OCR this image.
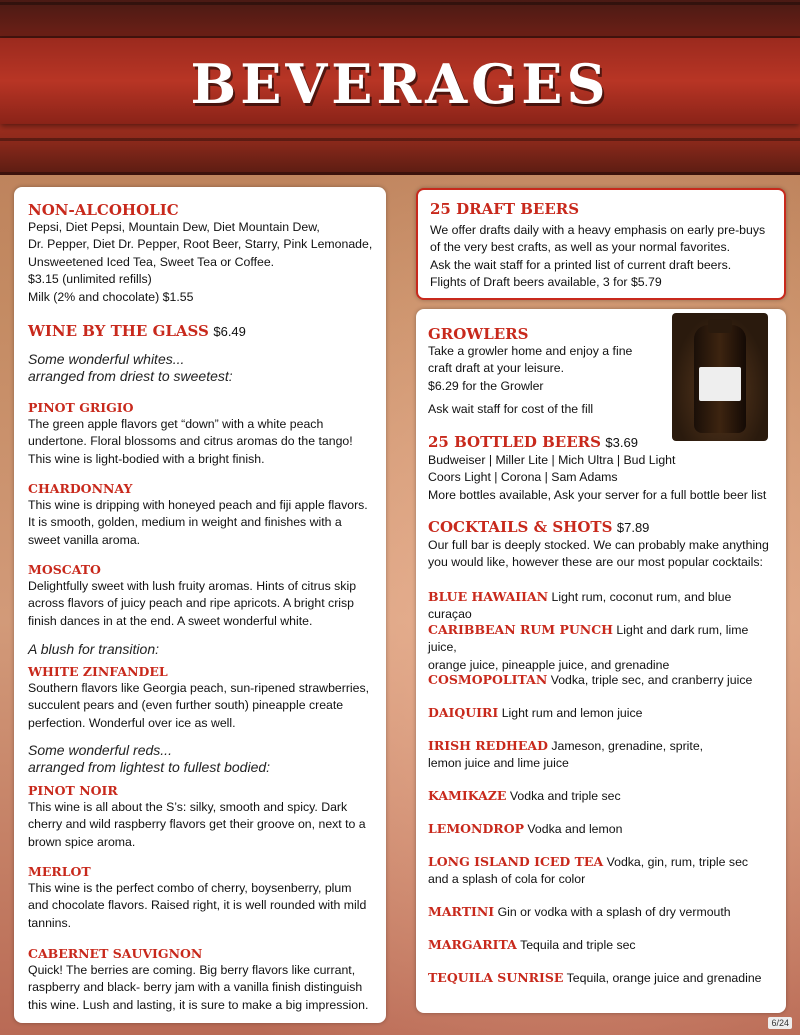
BEVERAGES
NON-ALCOHOLIC
Pepsi, Diet Pepsi, Mountain Dew, Diet Mountain Dew,
Dr. Pepper, Diet Dr. Pepper, Root Beer, Starry, Pink Lemonade,
Unsweetened Iced Tea, Sweet Tea or Coffee.
$3.15 (unlimited refills)
Milk (2% and chocolate) $1.55
WINE BY THE GLASS $6.49
Some wonderful whites...
arranged from driest to sweetest:
PINOT GRIGIO
The green apple flavors get “down” with a white peach
undertone. Floral blossoms and citrus aromas do the tango!
This wine is light-bodied with a bright finish.
CHARDONNAY
This wine is dripping with honeyed peach and fiji apple flavors.
It is smooth, golden, medium in weight and finishes with a
sweet vanilla aroma.
MOSCATO
Delightfully sweet with lush fruity aromas. Hints of citrus skip
across flavors of juicy peach and ripe apricots. A bright crisp
finish dances in at the end. A sweet wonderful white.
A blush for transition:
WHITE ZINFANDEL
Southern flavors like Georgia peach, sun-ripened strawberries,
succulent pears and (even further south) pineapple create
perfection. Wonderful over ice as well.
Some wonderful reds...
arranged from lightest to fullest bodied:
PINOT NOIR
This wine is all about the S’s: silky, smooth and spicy. Dark
cherry and wild raspberry flavors get their groove on, next to a
brown spice aroma.
MERLOT
This wine is the perfect combo of cherry, boysenberry, plum
and chocolate flavors. Raised right, it is well rounded with mild
tannins.
CABERNET SAUVIGNON
Quick! The berries are coming. Big berry flavors like currant,
raspberry and black- berry jam with a vanilla finish distinguish
this wine. Lush and lasting, it is sure to make a big impression.
25 DRAFT BEERS
We offer drafts daily with a heavy emphasis on early pre-buys
of the very best crafts, as well as your normal favorites.
Ask the wait staff for a printed list of current draft beers.
Flights of Draft beers available, 3 for $5.79
GROWLERS
Take a growler home and enjoy a fine
craft draft at your leisure.
$6.29 for the Growler
Ask wait staff for cost of the fill
25 BOTTLED BEERS $3.69
Budweiser | Miller Lite | Mich Ultra | Bud Light
Coors Light | Corona | Sam Adams
More bottles available, Ask your server for a full bottle beer list
COCKTAILS & SHOTS $7.89
Our full bar is deeply stocked. We can probably make anything
you would like, however these are our most popular cocktails:
BLUE HAWAIIAN Light rum, coconut rum, and blue curaçao
CARIBBEAN RUM PUNCH Light and dark rum, lime juice,
orange juice, pineapple juice, and grenadine
COSMOPOLITAN Vodka, triple sec, and cranberry juice
DAIQUIRI Light rum and lemon juice
IRISH REDHEAD Jameson, grenadine, sprite,
lemon juice and lime juice
KAMIKAZE Vodka and triple sec
LEMONDROP Vodka and lemon
LONG ISLAND ICED TEA Vodka, gin, rum, triple sec
and a splash of cola for color
MARTINI Gin or vodka with a splash of dry vermouth
MARGARITA Tequila and triple sec
TEQUILA SUNRISE Tequila, orange juice and grenadine
6/24
